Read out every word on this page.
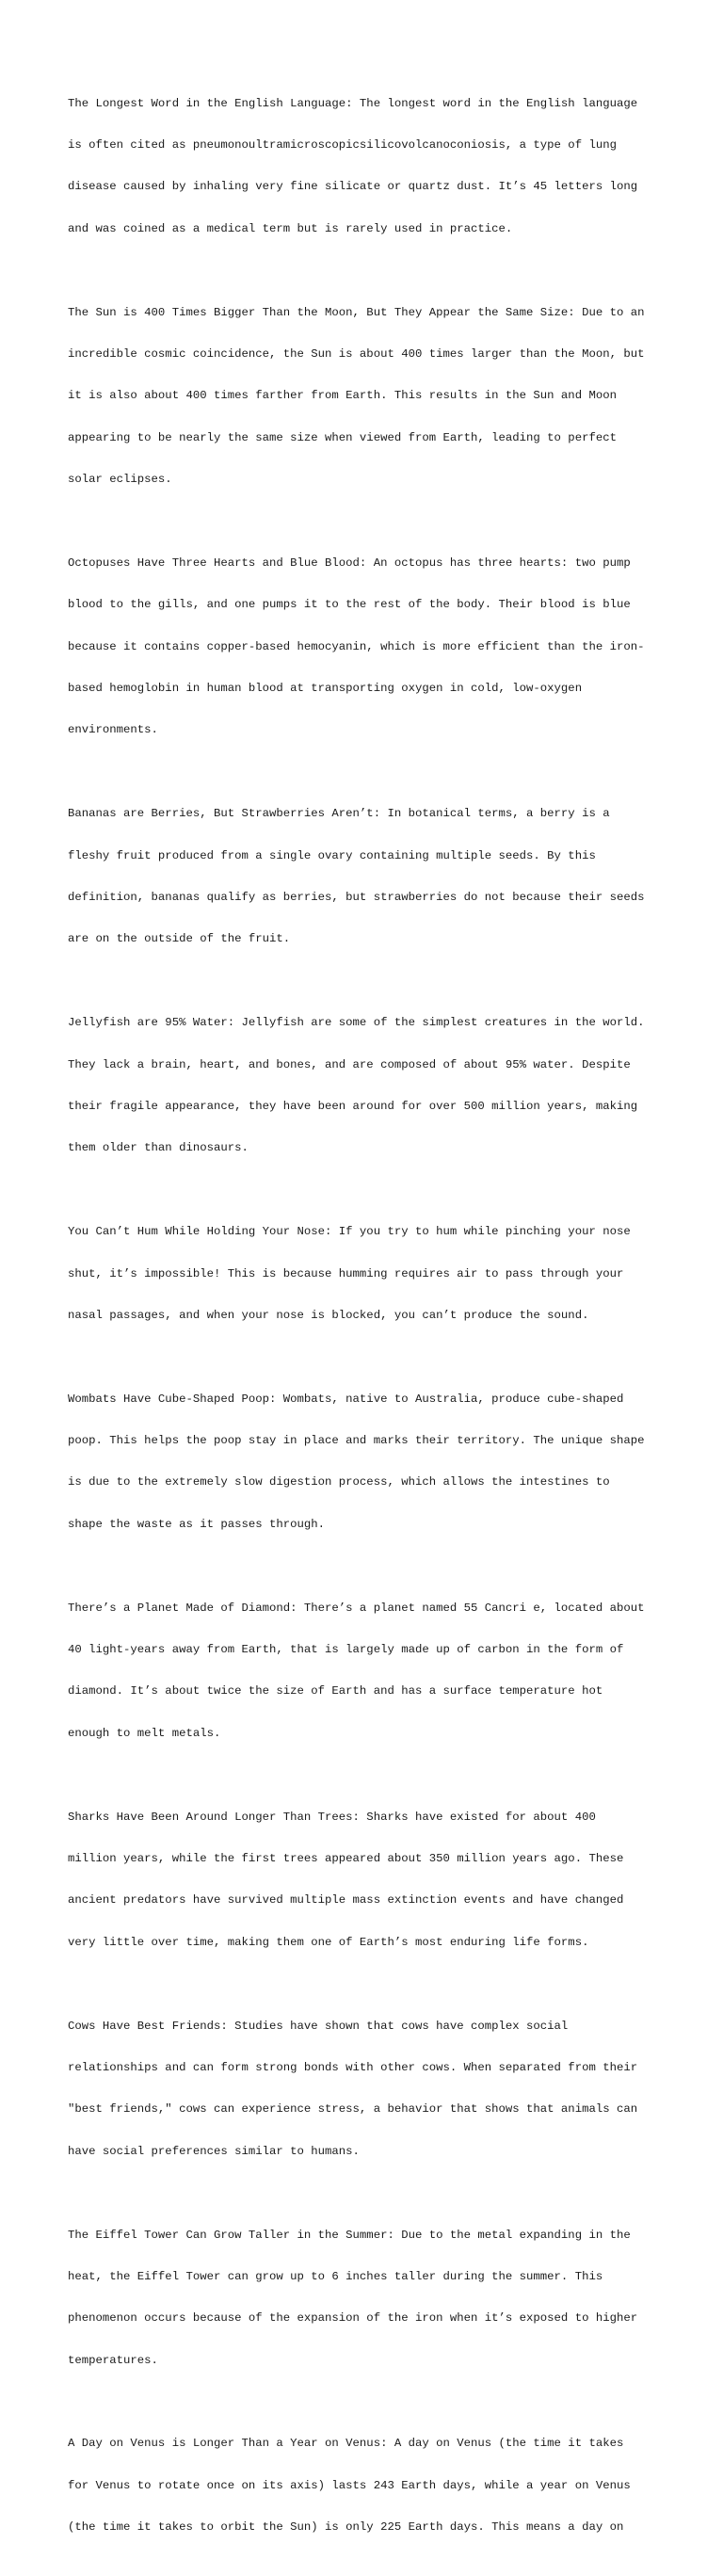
The Longest Word in the English Language: The longest word in the English language

is often cited as pneumonoultramicroscopicsilicovolcanoconiosis, a type of lung

disease caused by inhaling very fine silicate or quartz dust. It’s 45 letters long

and was coined as a medical term but is rarely used in practice.

The Sun is 400 Times Bigger Than the Moon, But They Appear the Same Size: Due to an

incredible cosmic coincidence, the Sun is about 400 times larger than the Moon, but

it is also about 400 times farther from Earth. This results in the Sun and Moon

appearing to be nearly the same size when viewed from Earth, leading to perfect

solar eclipses.

Octopuses Have Three Hearts and Blue Blood: An octopus has three hearts: two pump

blood to the gills, and one pumps it to the rest of the body. Their blood is blue

because it contains copper-based hemocyanin, which is more efficient than the iron-

based hemoglobin in human blood at transporting oxygen in cold, low-oxygen

environments.

Bananas are Berries, But Strawberries Aren’t: In botanical terms, a berry is a

fleshy fruit produced from a single ovary containing multiple seeds. By this

definition, bananas qualify as berries, but strawberries do not because their seeds

are on the outside of the fruit.

Jellyfish are 95% Water: Jellyfish are some of the simplest creatures in the world.

They lack a brain, heart, and bones, and are composed of about 95% water. Despite

their fragile appearance, they have been around for over 500 million years, making

them older than dinosaurs.

You Can’t Hum While Holding Your Nose: If you try to hum while pinching your nose

shut, it’s impossible! This is because humming requires air to pass through your

nasal passages, and when your nose is blocked, you can’t produce the sound.

Wombats Have Cube-Shaped Poop: Wombats, native to Australia, produce cube-shaped

poop. This helps the poop stay in place and marks their territory. The unique shape

is due to the extremely slow digestion process, which allows the intestines to

shape the waste as it passes through.

There’s a Planet Made of Diamond: There’s a planet named 55 Cancri e, located about

40 light-years away from Earth, that is largely made up of carbon in the form of

diamond. It’s about twice the size of Earth and has a surface temperature hot

enough to melt metals.

Sharks Have Been Around Longer Than Trees: Sharks have existed for about 400

million years, while the first trees appeared about 350 million years ago. These

ancient predators have survived multiple mass extinction events and have changed

very little over time, making them one of Earth’s most enduring life forms.

Cows Have Best Friends: Studies have shown that cows have complex social

relationships and can form strong bonds with other cows. When separated from their

"best friends," cows can experience stress, a behavior that shows that animals can

have social preferences similar to humans.

The Eiffel Tower Can Grow Taller in the Summer: Due to the metal expanding in the

heat, the Eiffel Tower can grow up to 6 inches taller during the summer. This

phenomenon occurs because of the expansion of the iron when it’s exposed to higher

temperatures.

A Day on Venus is Longer Than a Year on Venus: A day on Venus (the time it takes

for Venus to rotate once on its axis) lasts 243 Earth days, while a year on Venus

(the time it takes to orbit the Sun) is only 225 Earth days. This means a day on
